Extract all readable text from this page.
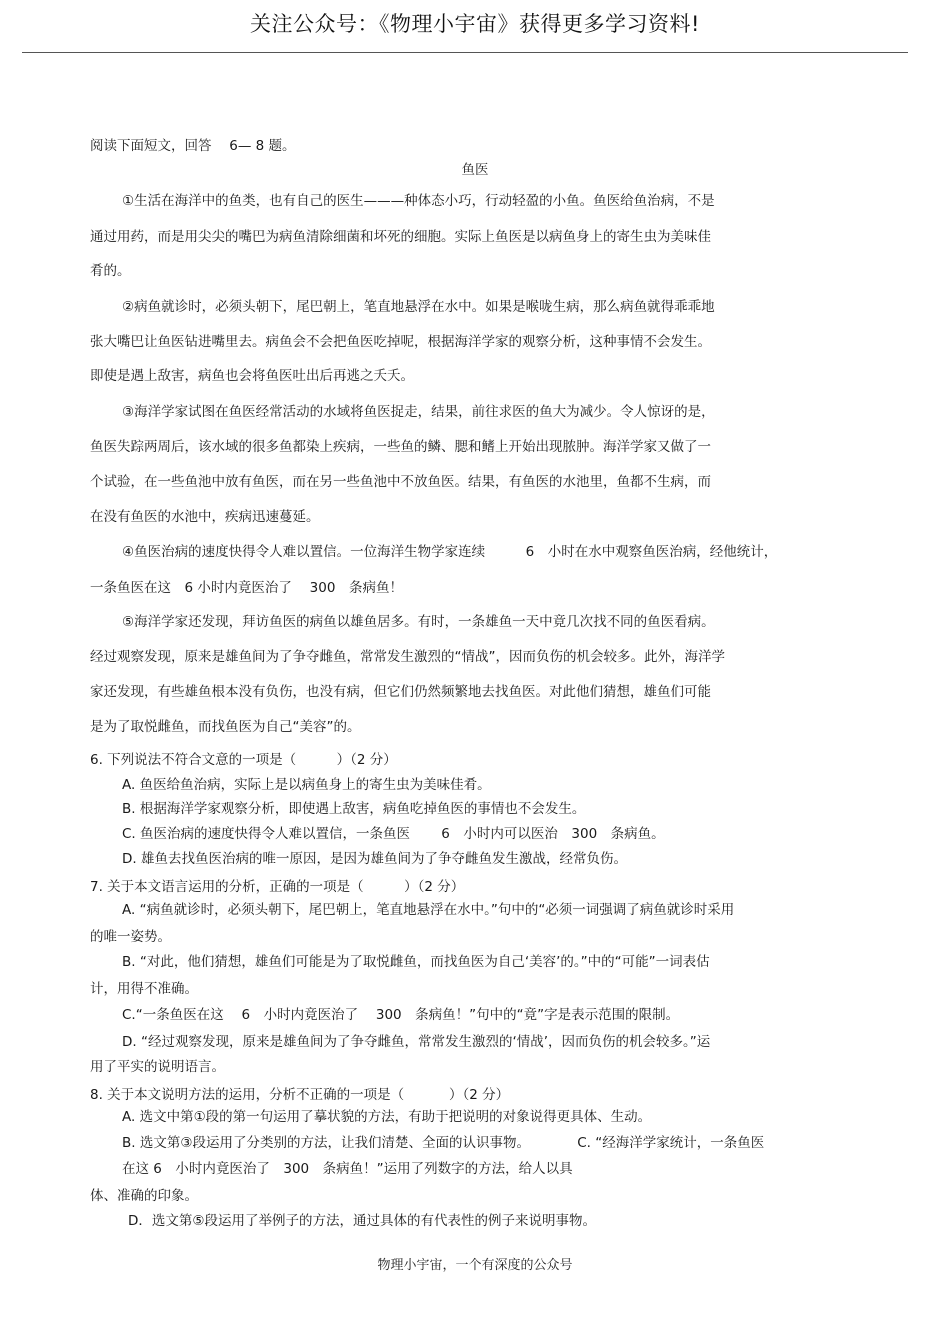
关注公众号：《物理小宇宙》获得更多学习资料!
阅读下面短文，回答　 6— 8 题。
鱼医
①生活在海洋中的鱼类，也有自己的医生———种体态小巧，行动轻盈的小鱼。鱼医给鱼治病，不是
通过用药，而是用尖尖的嘴巴为病鱼清除细菌和坏死的细胞。实际上鱼医是以病鱼身上的寄生虫为美味佳
肴的。
②病鱼就诊时，必须头朝下，尾巴朝上，笔直地悬浮在水中。如果是喉咙生病，那么病鱼就得乖乖地
张大嘴巴让鱼医钻进嘴里去。病鱼会不会把鱼医吃掉呢，根据海洋学家的观察分析，这种事情不会发生。
即使是遇上敌害，病鱼也会将鱼医吐出后再逃之夭夭。
③海洋学家试图在鱼医经常活动的水域将鱼医捉走，结果，前往求医的鱼大为减少。令人惊讶的是，
鱼医失踪两周后，该水域的很多鱼都染上疾病，一些鱼的鳞、腮和鳍上开始出现脓肿。海洋学家又做了一
个试验，在一些鱼池中放有鱼医，而在另一些鱼池中不放鱼医。结果，有鱼医的水池里，鱼都不生病，而
在没有鱼医的水池中，疾病迅速蔓延。
④鱼医治病的速度快得令人难以置信。一位海洋生物学家连续　　　6　小时在水中观察鱼医治病，经他统计，
一条鱼医在这　6 小时内竟医治了　 300　条病鱼！
⑤海洋学家还发现，拜访鱼医的病鱼以雄鱼居多。有时，一条雄鱼一天中竟几次找不同的鱼医看病。
经过观察发现，原来是雄鱼间为了争夺雌鱼，常常发生激烈的“情战”，因而负伤的机会较多。此外，海洋学
家还发现，有些雄鱼根本没有负伤，也没有病，但它们仍然频繁地去找鱼医。对此他们猜想，雄鱼们可能
是为了取悦雌鱼，而找鱼医为自己“美容”的。
6. 下列说法不符合文意的一项是（　　　）（2 分）
A. 鱼医给鱼治病，实际上是以病鱼身上的寄生虫为美味佳肴。
B. 根据海洋学家观察分析，即使遇上敌害，病鱼吃掉鱼医的事情也不会发生。
C. 鱼医治病的速度快得令人难以置信，一条鱼医　　 6　小时内可以医治　300　条病鱼。
D. 雄鱼去找鱼医治病的唯一原因，是因为雄鱼间为了争夺雌鱼发生激战，经常负伤。
7. 关于本文语言运用的分析，正确的一项是（　　　）（2 分）
A. “病鱼就诊时，必须头朝下，尾巴朝上，笔直地悬浮在水中。”句中的“必须一词强调了病鱼就诊时采用
的唯一姿势。
B. “对此，他们猜想，雄鱼们可能是为了取悦雌鱼，而找鱼医为自己‘美容’的。”中的“可能”一词表估
计，用得不准确。
C.“一条鱼医在这　 6　小时内竟医治了　 300　条病鱼！”句中的“竟”字是表示范围的限制。
D. “经过观察发现，原来是雄鱼间为了争夺雌鱼，常常发生激烈的‘情战’，因而负伤的机会较多。”运
用了平实的说明语言。
8. 关于本文说明方法的运用，分析不正确的一项是（　　　 ）（2 分）
A. 选文中第①段的第一句运用了摹状貌的方法，有助于把说明的对象说得更具体、生动。
B. 选文第③段运用了分类别的方法，让我们清楚、全面的认识事物。　　　　C. “经海洋学家统计，一条鱼医
在这 6　小时内竟医治了　300　条病鱼！”运用了列数字的方法，给人以具
体、准确的印象。
D．选文第⑤段运用了举例子的方法，通过具体的有代表性的例子来说明事物。
物理小宇宙，一个有深度的公众号
